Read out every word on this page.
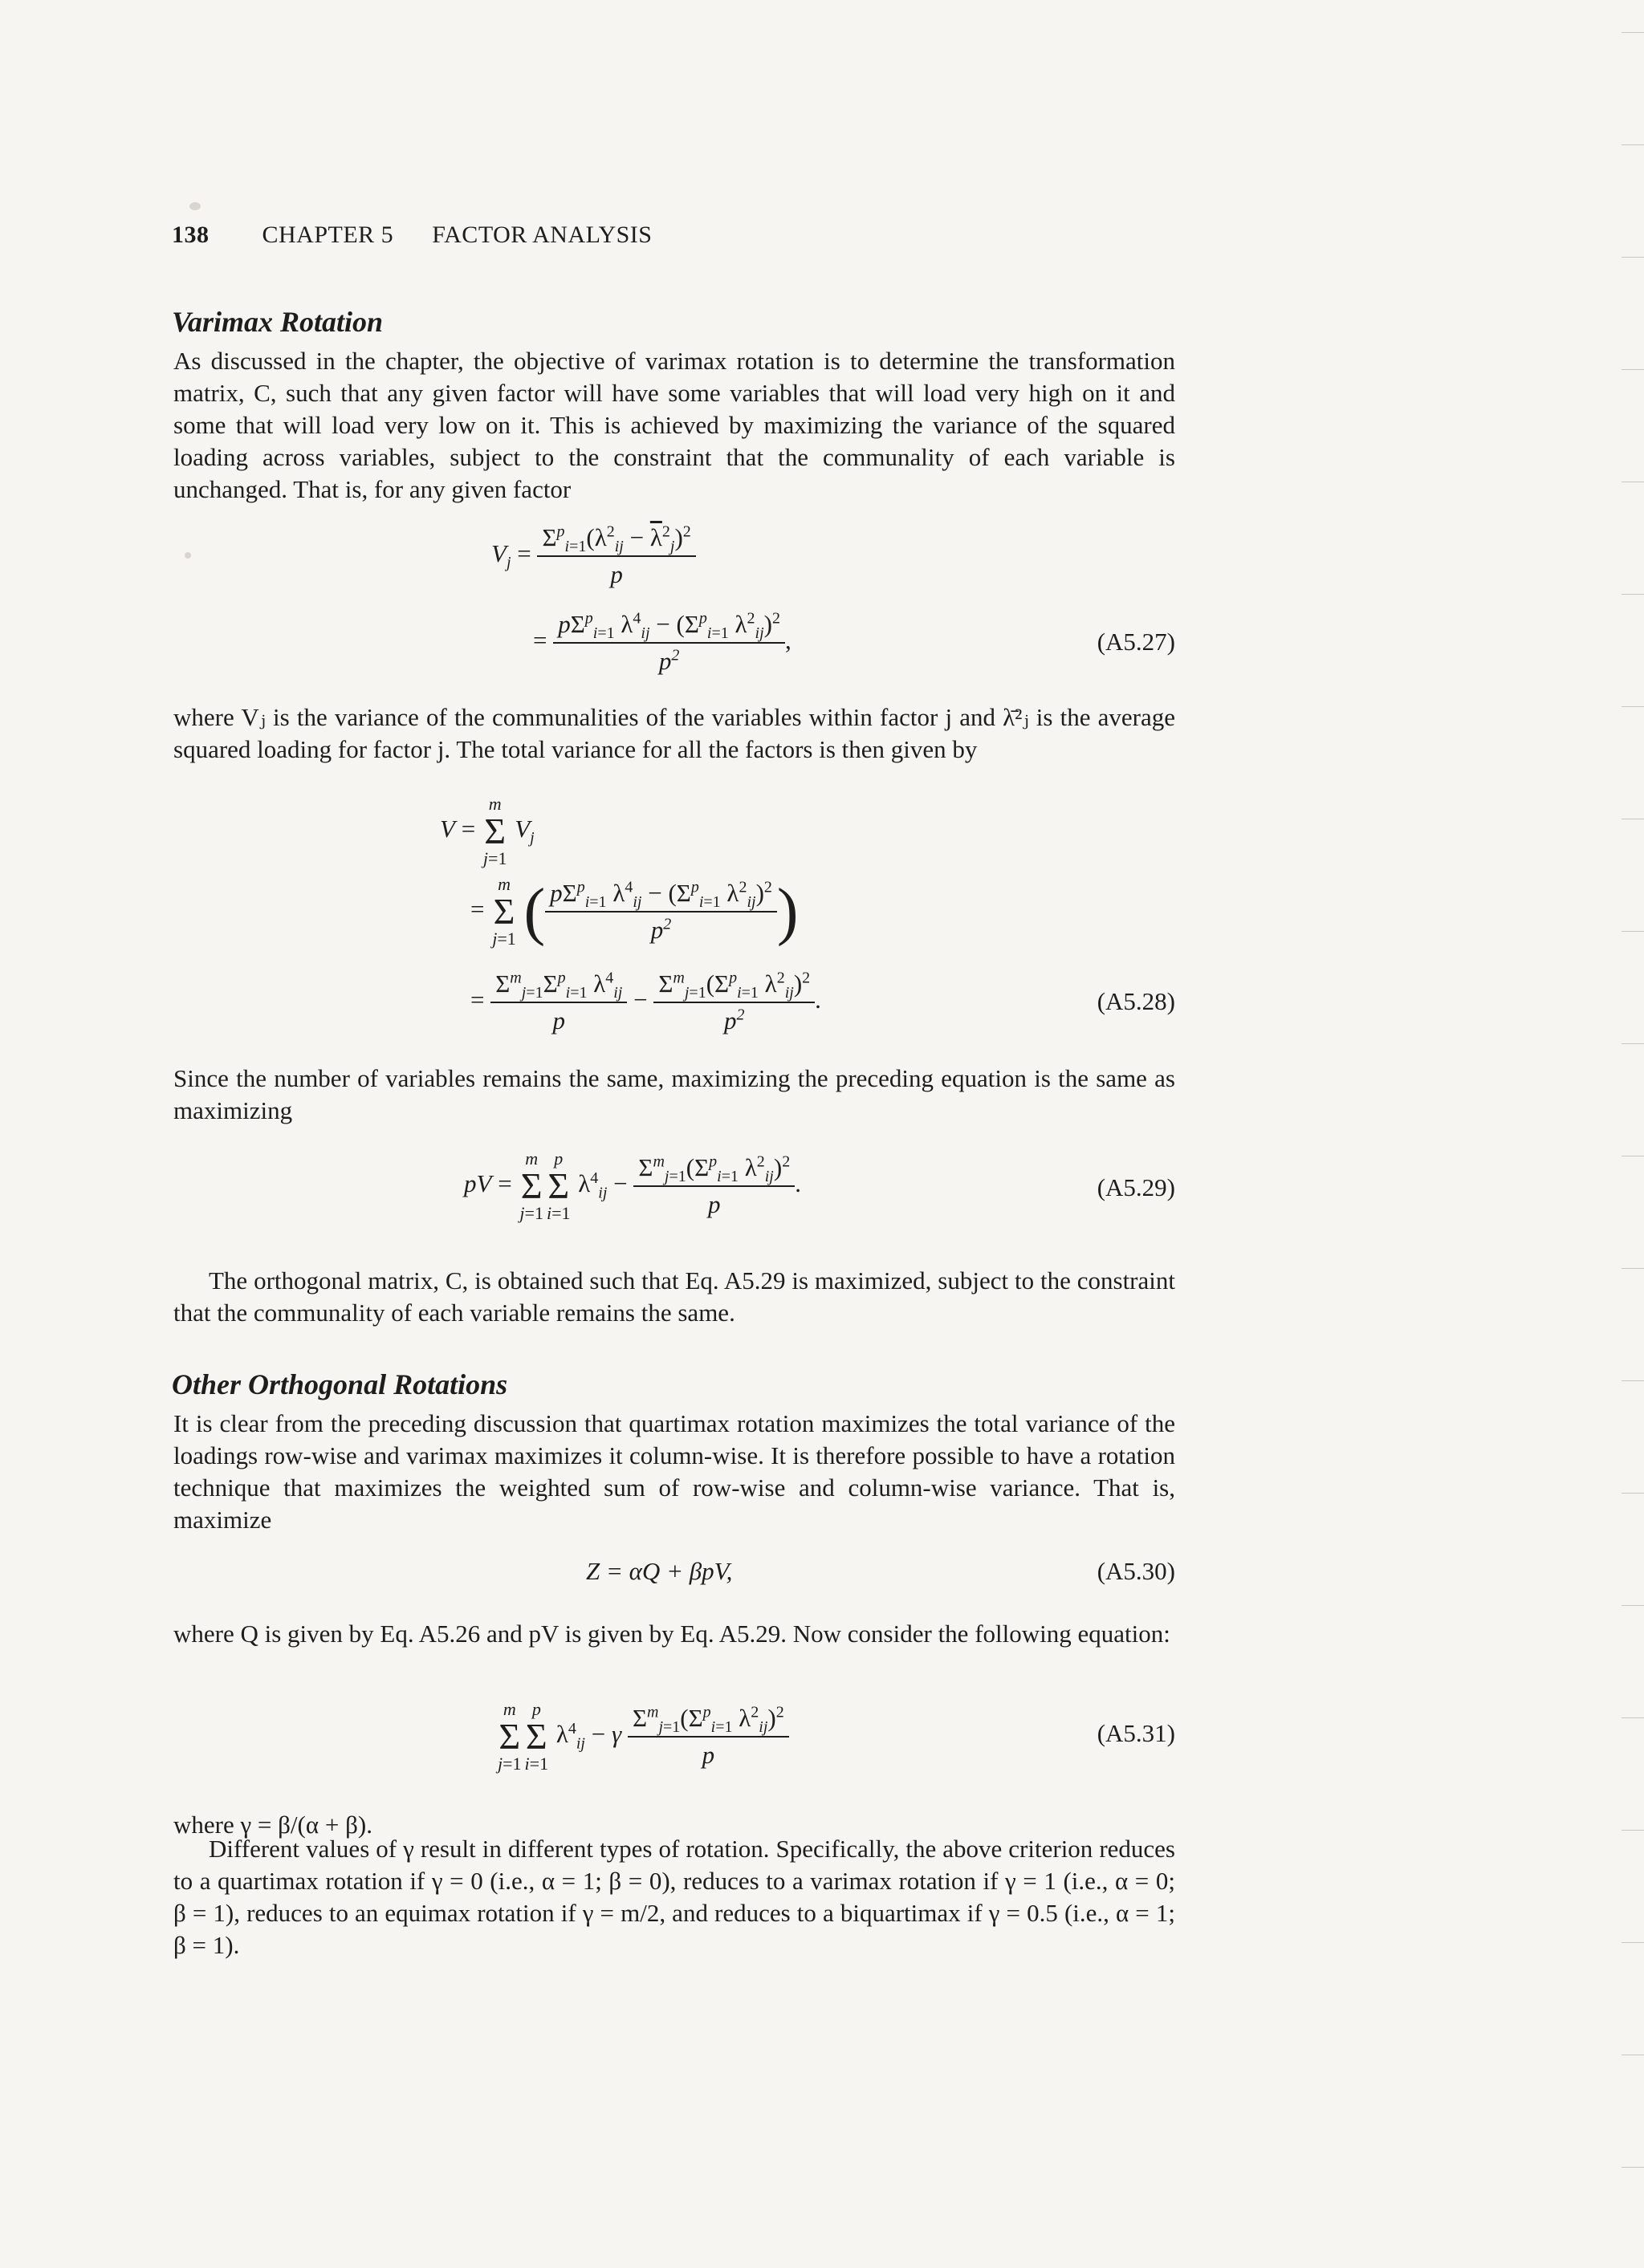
138 CHAPTER 5 FACTOR ANALYSIS
Varimax Rotation
As discussed in the chapter, the objective of varimax rotation is to determine the transformation matrix, C, such that any given factor will have some variables that will load very high on it and some that will load very low on it. This is achieved by maximizing the variance of the squared loading across variables, subject to the constraint that the communality of each variable is unchanged. That is, for any given factor
$V_j = \frac{\Sigma^p_{i=1}(\lambda^2_{ij} - \overline{\lambda}^2_j)^2}{p}$
= $\frac{p\Sigma^p_{i=1} \lambda^4_{ij} - (\Sigma^p_{i=1} \lambda^2_{ij})^2}{p^2}$ ,	(A5.27)
where Vⱼ is the variance of the communalities of the variables within factor j and λ̄²ⱼ is the average squared loading for factor j. The total variance for all the factors is then given by
V = m
Σ
j=1 $V_j$
= m
Σ
j=1 ( $\frac{p\Sigma^p_{i=1} \lambda^4_{ij} - (\Sigma^p_{i=1} \lambda^2_{ij})^2}{p^2}$ )
= $\frac{\Sigma^m_{j=1}\Sigma^p_{i=1} \lambda^4_{ij}}{p} - \frac{\Sigma^m_{j=1}(\Sigma^p_{i=1} \lambda^2_{ij})^2}{p^2}$ .	(A5.28)
Since the number of variables remains the same, maximizing the preceding equation is the same as maximizing
pV = m
Σ
j=1p
Σ
i=1 $\lambda^4_{ij} - \frac{\Sigma^m_{j=1}(\Sigma^p_{i=1} \lambda^2_{ij})^2}{p}$ .	(A5.29)
The orthogonal matrix, C, is obtained such that Eq. A5.29 is maximized, subject to the constraint that the communality of each variable remains the same.
Other Orthogonal Rotations
It is clear from the preceding discussion that quartimax rotation maximizes the total variance of the loadings row-wise and varimax maximizes it column-wise. It is therefore possible to have a rotation technique that maximizes the weighted sum of row-wise and column-wise variance. That is, maximize
Z = αQ + βpV,	(A5.30)
where Q is given by Eq. A5.26 and pV is given by Eq. A5.29. Now consider the following equation:
m
Σ
j=1p
Σ
i=1 $\lambda^4_{ij} - \gamma \frac{\Sigma^m_{j=1}(\Sigma^p_{i=1} \lambda^2_{ij})^2}{p}$	(A5.31)
where γ = β/(α + β).
Different values of γ result in different types of rotation. Specifically, the above criterion reduces to a quartimax rotation if γ = 0 (i.e., α = 1; β = 0), reduces to a varimax rotation if γ = 1 (i.e., α = 0; β = 1), reduces to an equimax rotation if γ = m/2, and reduces to a biquartimax if γ = 0.5 (i.e., α = 1; β = 1).
